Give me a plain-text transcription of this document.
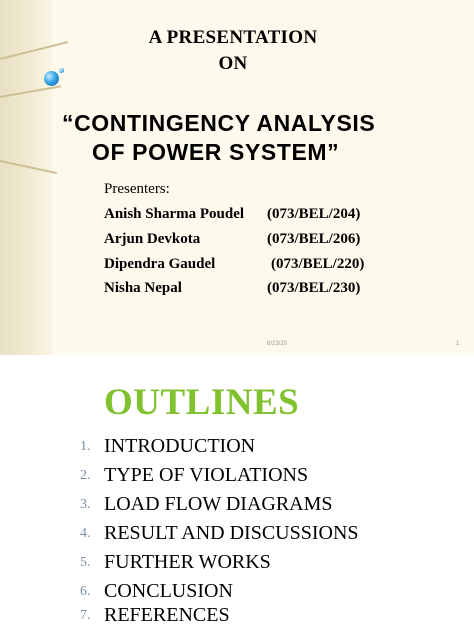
A PRESENTATION
ON
“CONTINGENCY ANALYSIS
OF POWER SYSTEM”
Presenters:
Anish Sharma Poudel (073/BEL/204)
Arjun Devkota	(073/BEL/206)
Dipendra Gaudel	(073/BEL/220)
Nisha Nepal	(073/BEL/230)
8/23/20	1
OUTLINES
1. INTRODUCTION
2. TYPE OF VIOLATIONS
3. LOAD FLOW DIAGRAMS
4. RESULT AND DISCUSSIONS
5. FURTHER WORKS
6. CONCLUSION
7. REFERENCES
